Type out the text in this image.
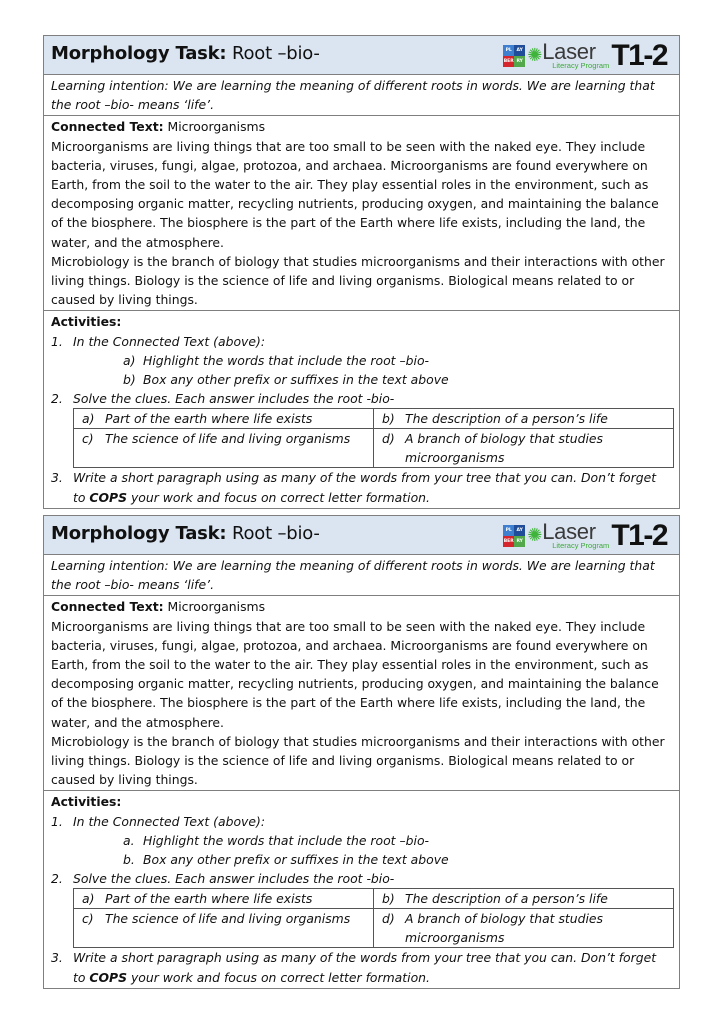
Morphology Task: Root –bio-	PL	AY
BER RY ✺ Laser
Literacy Program T1-2
Learning intention: We are learning the meaning of different roots in words. We are learning that the root –bio- means ‘life’.
Connected Text: Microorganisms
Microorganisms are living things that are too small to be seen with the naked eye. They include bacteria, viruses, fungi, algae, protozoa, and archaea. Microorganisms are found everywhere on Earth, from the soil to the water to the air. They play essential roles in the environment, such as decomposing organic matter, recycling nutrients, producing oxygen, and maintaining the balance of the biosphere. The biosphere is the part of the Earth where life exists, including the land, the water, and the atmosphere.
Microbiology is the branch of biology that studies microorganisms and their interactions with other living things. Biology is the science of life and living organisms. Biological means related to or caused by living things.
Activities:
1. In the Connected Text (above):
a) Highlight the words that include the root –bio-
b) Box any other prefix or suffixes in the text above
2. Solve the clues. Each answer includes the root -bio-
a) Part of the earth where life exists	b) The description of a person’s life

c) The science of life and living organisms	d) A branch of biology that studies microorganisms
3. Write a short paragraph using as many of the words from your tree that you can. Don’t forget to COPS your work and focus on correct letter formation.
Morphology Task: Root –bio-	PL	AY
BER RY ✺ Laser
Literacy Program T1-2
Learning intention: We are learning the meaning of different roots in words. We are learning that the root –bio- means ‘life’.
Connected Text: Microorganisms
Microorganisms are living things that are too small to be seen with the naked eye. They include bacteria, viruses, fungi, algae, protozoa, and archaea. Microorganisms are found everywhere on Earth, from the soil to the water to the air. They play essential roles in the environment, such as decomposing organic matter, recycling nutrients, producing oxygen, and maintaining the balance of the biosphere. The biosphere is the part of the Earth where life exists, including the land, the water, and the atmosphere.
Microbiology is the branch of biology that studies microorganisms and their interactions with other living things. Biology is the science of life and living organisms. Biological means related to or caused by living things.
Activities:
1. In the Connected Text (above):
a. Highlight the words that include the root –bio-
b. Box any other prefix or suffixes in the text above
2. Solve the clues. Each answer includes the root -bio-
a) Part of the earth where life exists	b) The description of a person’s life

c) The science of life and living organisms	d) A branch of biology that studies microorganisms
3. Write a short paragraph using as many of the words from your tree that you can. Don’t forget to COPS your work and focus on correct letter formation.
